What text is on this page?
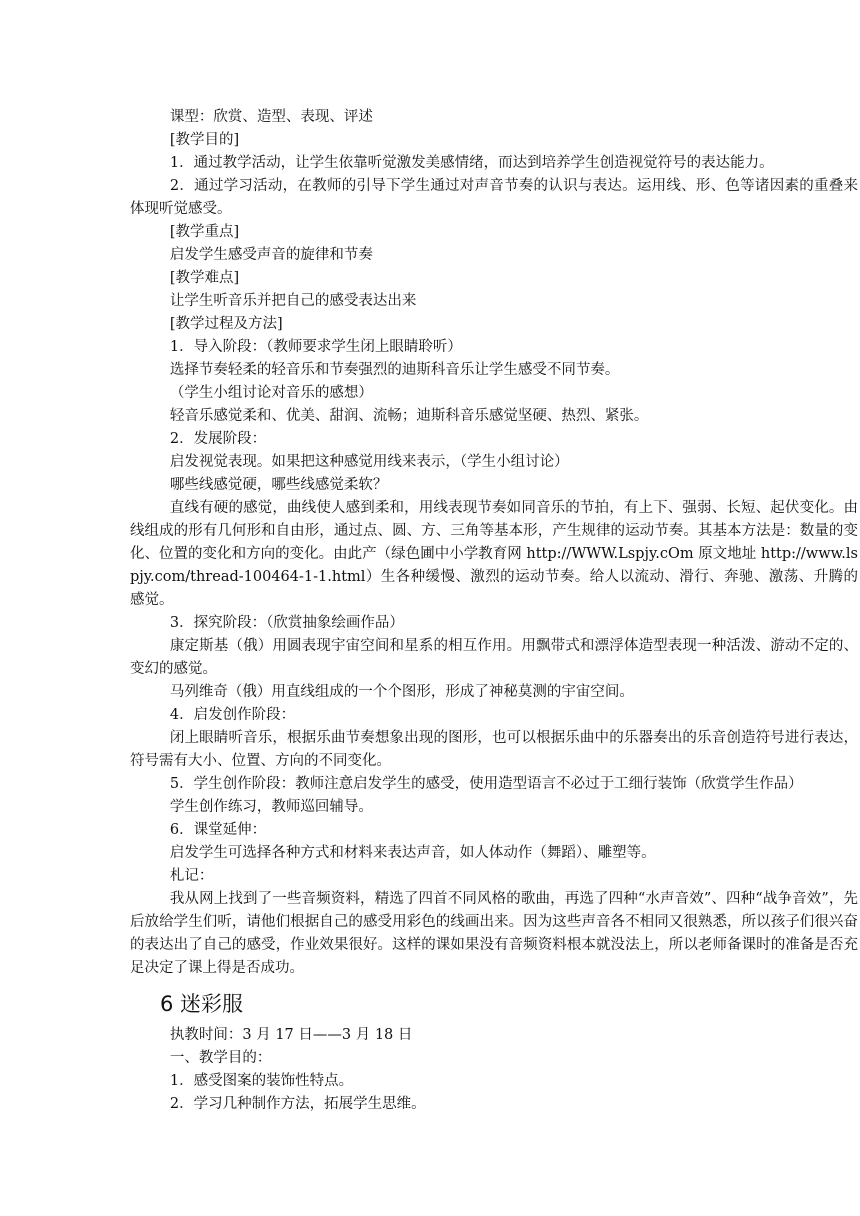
课型：欣赏、造型、表现、评述

[教学目的]

1．通过教学活动，让学生依靠听觉激发美感情绪，而达到培养学生创造视觉符号的表达能力。

2．通过学习活动，在教师的引导下学生通过对声音节奏的认识与表达。运用线、形、色等诸因素的重叠来体现听觉感受。

[教学重点]

启发学生感受声音的旋律和节奏

[教学难点]

让学生听音乐并把自己的感受表达出来

[教学过程及方法]

1．导入阶段：（教师要求学生闭上眼睛聆听）

选择节奏轻柔的轻音乐和节奏强烈的迪斯科音乐让学生感受不同节奏。

（学生小组讨论对音乐的感想）

轻音乐感觉柔和、优美、甜润、流畅；迪斯科音乐感觉坚硬、热烈、紧张。

2．发展阶段：

启发视觉表现。如果把这种感觉用线来表示，（学生小组讨论）

哪些线感觉硬，哪些线感觉柔软？

直线有硬的感觉，曲线使人感到柔和，用线表现节奏如同音乐的节拍，有上下、强弱、长短、起伏变化。由线组成的形有几何形和自由形，通过点、圆、方、三角等基本形，产生规律的运动节奏。其基本方法是：数量的变化、位置的变化和方向的变化。由此产（绿色圃中小学教育网 http://WWW.Lspjy.cOm 原文地址 http://www.lspjy.com/thread-100464-1-1.html）生各种缓慢、激烈的运动节奏。给人以流动、滑行、奔驰、激荡、升腾的感觉。

3．探究阶段：（欣赏抽象绘画作品）

康定斯基（俄）用圆表现宇宙空间和星系的相互作用。用飘带式和漂浮体造型表现一种活泼、游动不定的、变幻的感觉。

马列维奇（俄）用直线组成的一个个图形，形成了神秘莫测的宇宙空间。

4．启发创作阶段：

闭上眼睛听音乐，根据乐曲节奏想象出现的图形，也可以根据乐曲中的乐器奏出的乐音创造符号进行表达，符号需有大小、位置、方向的不同变化。

5．学生创作阶段：教师注意启发学生的感受，使用造型语言不必过于工细行装饰（欣赏学生作品）

学生创作练习，教师巡回辅导。

6．课堂延伸：

启发学生可选择各种方式和材料来表达声音，如人体动作（舞蹈）、雕塑等。

札记：

我从网上找到了一些音频资料，精选了四首不同风格的歌曲，再选了四种“水声音效”、四种“战争音效”，先后放给学生们听，请他们根据自己的感受用彩色的线画出来。因为这些声音各不相同又很熟悉，所以孩子们很兴奋的表达出了自己的感受，作业效果很好。这样的课如果没有音频资料根本就没法上，所以老师备课时的准备是否充足决定了课上得是否成功。

6 迷彩服

执教时间：3 月 17 日——3 月 18 日

一、教学目的：

1．感受图案的装饰性特点。

2．学习几种制作方法，拓展学生思维。
